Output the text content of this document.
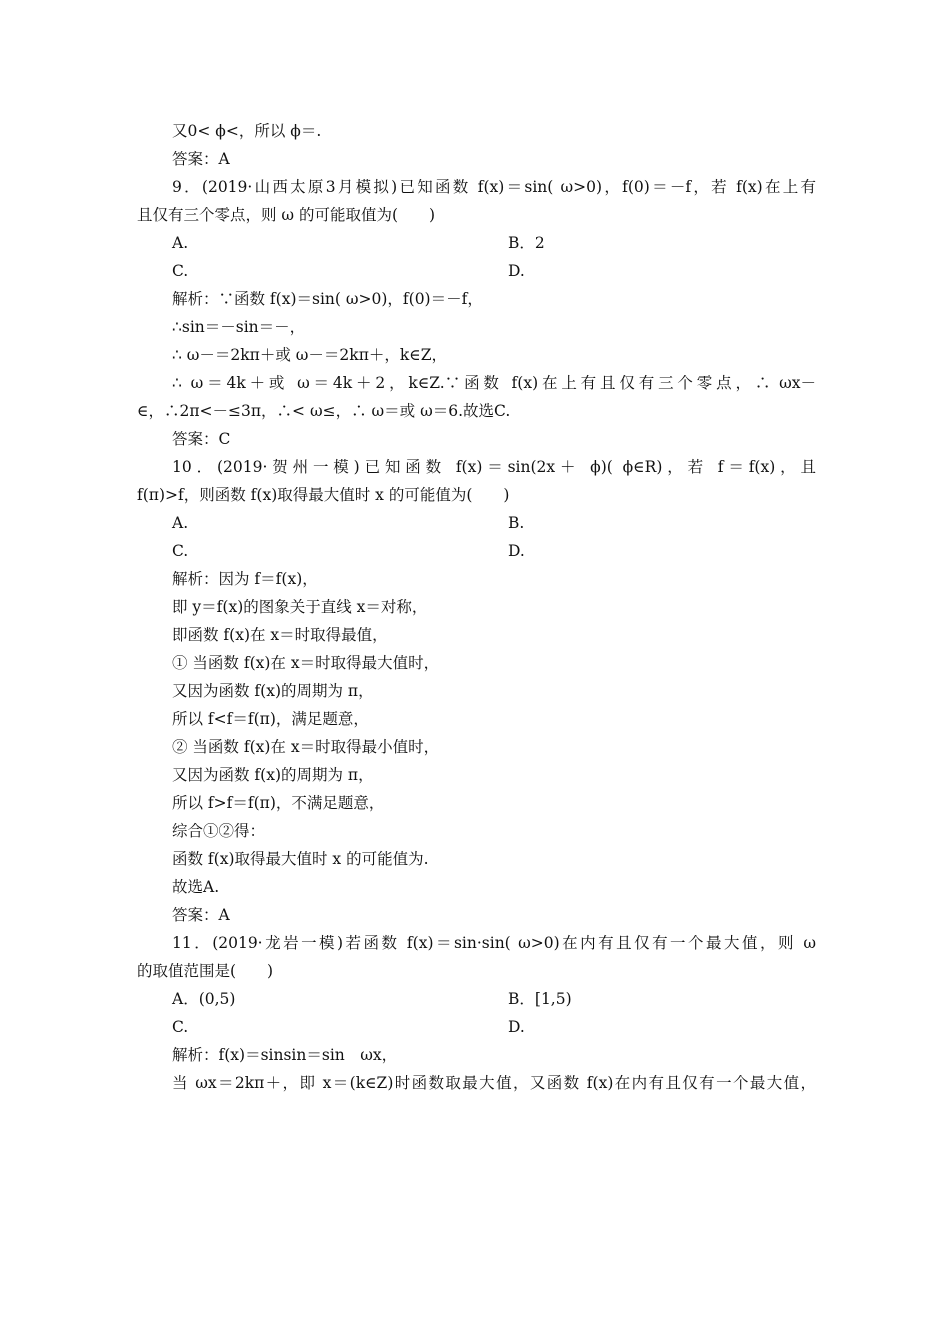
又0< ϕ<，所以 ϕ＝.
答案：A
9．(2019·山西太原3月模拟)已知函数 f(x)＝sin( ω>0)，f(0)＝－f，若 f(x)在上有
且仅有三个零点，则 ω 的可能取值为(　　)
A.	B．2
C.	D.
解析：∵函数 f(x)＝sin( ω>0)，f(0)＝－f，
∴sin＝－sin＝－，
∴ ω－＝2kπ＋或 ω－＝2kπ＋，k∈Z，
∴ ω＝4k＋或 ω＝4k＋2，k∈Z.∵函数 f(x)在上有且仅有三个零点，∴ ωx－
∈，∴2π<－≤3π，∴< ω≤，∴ ω＝或 ω＝6.故选C.
答案：C
10．(2019·贺州一模)已知函数 f(x)＝sin(2x＋ ϕ)( ϕ∈R)，若 f＝f(x)，且
f(π)>f，则函数 f(x)取得最大值时 x 的可能值为(　　)
A.	B.
C.	D.
解析：因为 f＝f(x)，
即 y＝f(x)的图象关于直线 x＝对称，
即函数 f(x)在 x＝时取得最值，
① 当函数 f(x)在 x＝时取得最大值时，
又因为函数 f(x)的周期为 π，
所以 f<f＝f(π)，满足题意，
② 当函数 f(x)在 x＝时取得最小值时，
又因为函数 f(x)的周期为 π，
所以 f>f＝f(π)，不满足题意，
综合①②得：
函数 f(x)取得最大值时 x 的可能值为.
故选A.
答案：A
11．(2019·龙岩一模)若函数 f(x)＝sin·sin( ω>0)在内有且仅有一个最大值，则 ω
的取值范围是(　　)
A．(0,5)	B．[1,5)
C.	D.
解析：f(x)＝sinsin＝sin　ωx，
当 ωx＝2kπ＋，即 x＝(k∈Z)时函数取最大值，又函数 f(x)在内有且仅有一个最大值，
